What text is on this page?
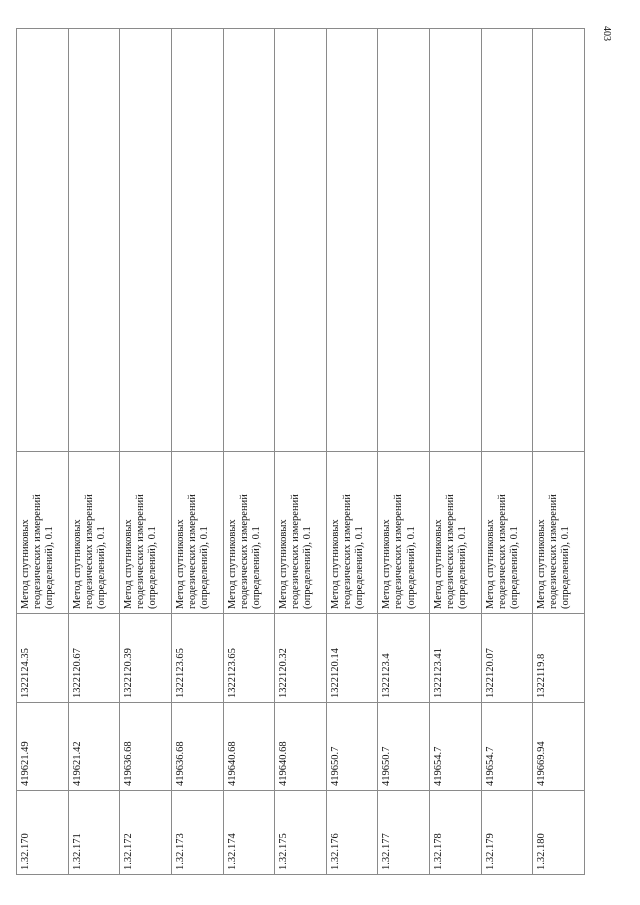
403
1.32.170	419621.49	1322124.35	Метод спутниковых геодезических измерений (определений), 0.1	
1.32.171	419621.42	1322120.67	Метод спутниковых геодезических измерений (определений), 0.1	
1.32.172	419636.68	1322120.39	Метод спутниковых геодезических измерений (определений), 0.1	
1.32.173	419636.68	1322123.65	Метод спутниковых геодезических измерений (определений), 0.1	
1.32.174	419640.68	1322123.65	Метод спутниковых геодезических измерений (определений), 0.1	
1.32.175	419640.68	1322120.32	Метод спутниковых геодезических измерений (определений), 0.1	
1.32.176	419650.7	1322120.14	Метод спутниковых геодезических измерений (определений), 0.1	
1.32.177	419650.7	1322123.4	Метод спутниковых геодезических измерений (определений), 0.1	
1.32.178	419654.7	1322123.41	Метод спутниковых геодезических измерений (определений), 0.1	
1.32.179	419654.7	1322120.07	Метод спутниковых геодезических измерений (определений), 0.1	
1.32.180	419669.94	1322119.8	Метод спутниковых геодезических измерений (определений), 0.1	
